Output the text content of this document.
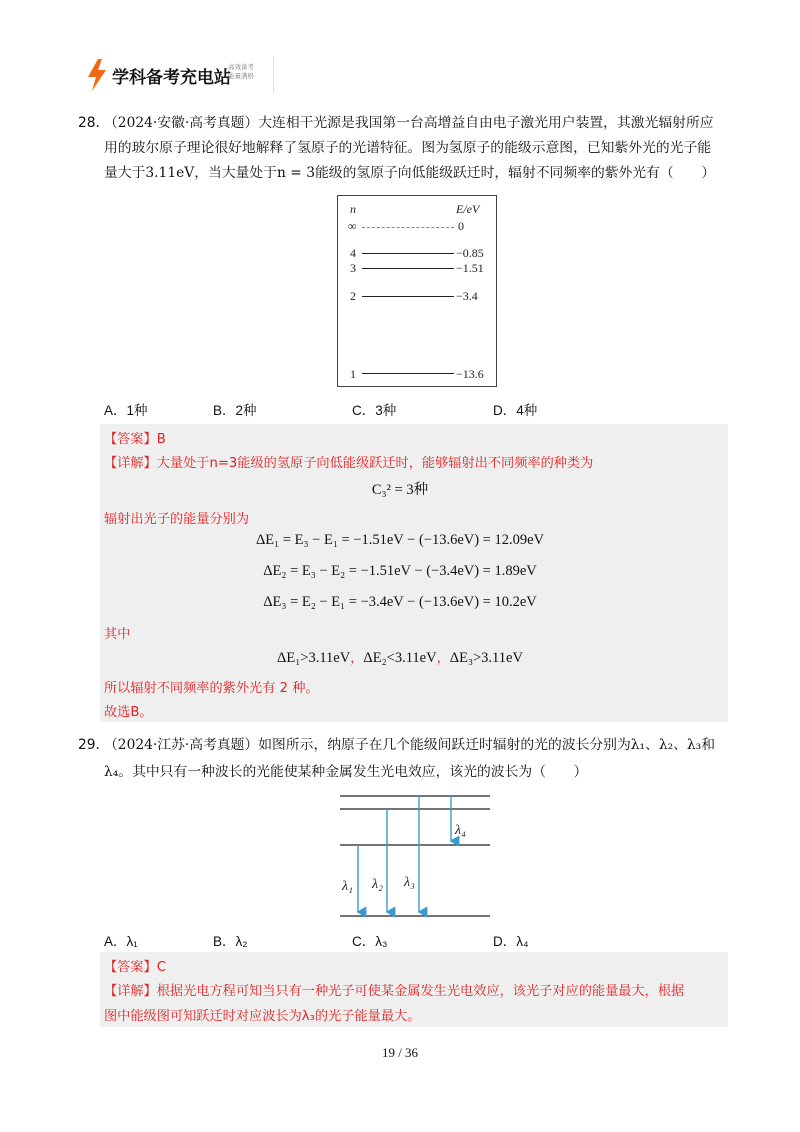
学科备考充电站
高效备考
能量满格
28．
（2024·安徽·高考真题）大连相干光源是我国第一台高增益自由电子激光用户装置，其激光辐射所应
用的玻尔原子理论很好地解释了氢原子的光谱特征。图为氢原子的能级示意图，已知紫外光的光子能
量大于3.11eV，当大量处于n = 3能级的氢原子向低能级跃迁时，辐射不同频率的紫外光有（　　）
n	E/eV
∞	0
4	−0.85
3	−1.51
2	−3.4
1	−13.6
A．1种	B．2种	C．3种	D．4种
【答案】B
【详解】大量处于n=3能级的氢原子向低能级跃迁时，能够辐射出不同频率的种类为
C₃² = 3种
辐射出光子的能量分别为
ΔE₁ = E₃ − E₁ = −1.51eV − (−13.6eV) = 12.09eV
ΔE₂ = E₃ − E₂ = −1.51eV − (−3.4eV) = 1.89eV
ΔE₃ = E₂ − E₁ = −3.4eV − (−13.6eV) = 10.2eV
其中
ΔE₁>3.11eV，ΔE₂<3.11eV，ΔE₃>3.11eV
所以辐射不同频率的紫外光有 2 种。
故选B。
29．
（2024·江苏·高考真题）如图所示，纳原子在几个能级间跃迁时辐射的光的波长分别为λ₁、λ₂、λ₃和
λ₄。其中只有一种波长的光能使某种金属发生光电效应，该光的波长为（　　）
λ₁ λ₂ λ₃
λ₄
A．λ₁	B．λ₂	C．λ₃	D．λ₄
【答案】C
【详解】根据光电方程可知当只有一种光子可使某金属发生光电效应，该光子对应的能量最大，根据
图中能级图可知跃迁时对应波长为λ₃的光子能量最大。
19 / 36
